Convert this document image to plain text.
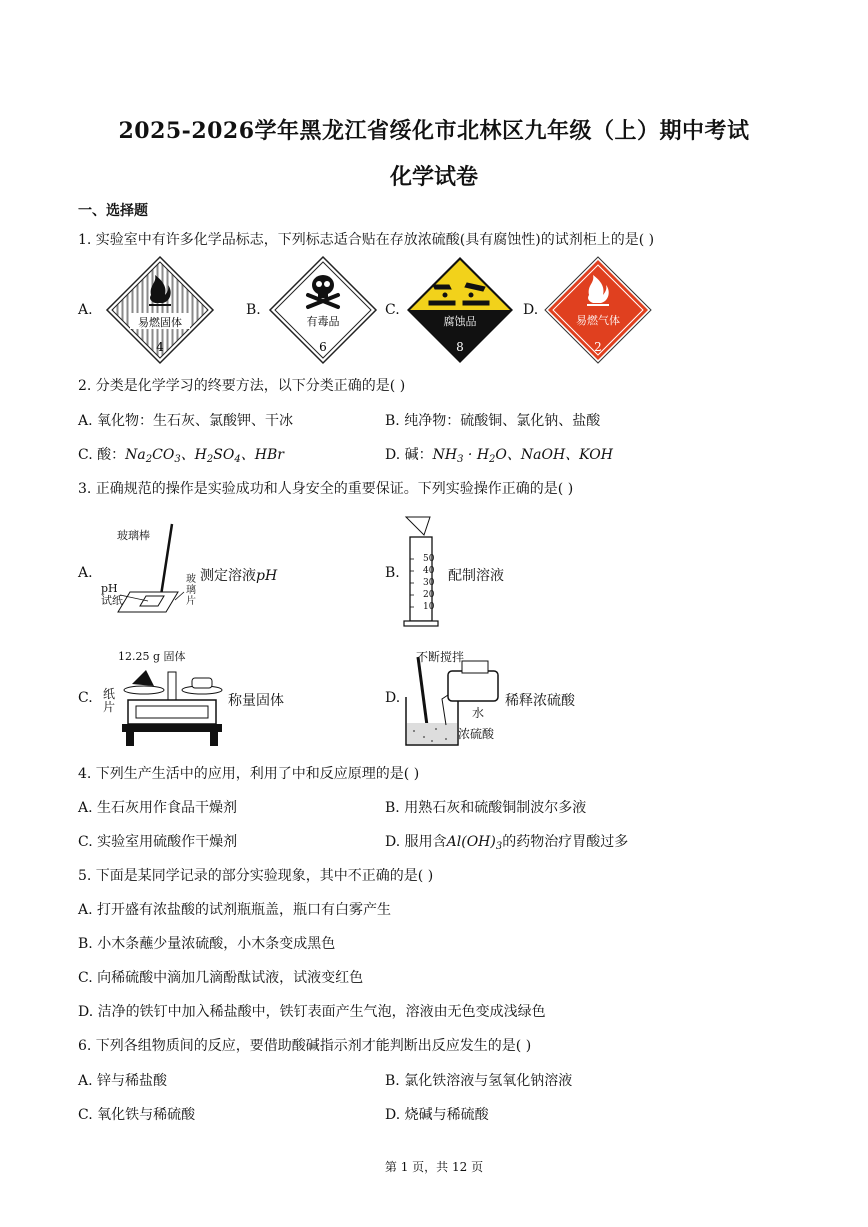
2025-2026学年黑龙江省绥化市北林区九年级（上）期中考试
化学试卷
一、选择题
1. 实验室中有许多化学品标志，下列标志适合贴在存放浓硫酸(具有腐蚀性)的试剂柜上的是( )
A.
易燃固体
4
B.
有毒品
6
C.
腐蚀品
8
D.
易燃气体
2
2. 分类是化学学习的终要方法，以下分类正确的是( )
A. 氧化物：生石灰、氯酸钾、干冰	B. 纯净物：硫酸铜、氯化钠、盐酸
C. 酸：$Na_2CO_3$、$H_2SO_4$、HBr	D. 碱：$NH_3 \cdot H_2O$、NaOH、KOH
3. 正确规范的操作是实验成功和人身安全的重要保证。下列实验操作正确的是( )
A.
玻璃棒
pH
试纸
玻
璃
片
测定溶液pH	B.
50
40
30
20
10
配制溶液
C.
12.25 g 固体
纸
片	称量固体	D.
不断搅拌
水
浓硫酸
稀释浓硫酸
4. 下列生产生活中的应用，利用了中和反应原理的是( )
A. 生石灰用作食品干燥剂	B. 用熟石灰和硫酸铜制波尔多液
C. 实验室用硫酸作干燥剂	D. 服用含$Al(OH)_3$的药物治疗胃酸过多
5. 下面是某同学记录的部分实验现象，其中不正确的是( )
A. 打开盛有浓盐酸的试剂瓶瓶盖，瓶口有白雾产生
B. 小木条蘸少量浓硫酸，小木条变成黑色
C. 向稀硫酸中滴加几滴酚酞试液，试液变红色
D. 洁净的铁钉中加入稀盐酸中，铁钉表面产生气泡，溶液由无色变成浅绿色
6. 下列各组物质间的反应，要借助酸碱指示剂才能判断出反应发生的是( )
A. 锌与稀盐酸	B. 氯化铁溶液与氢氧化钠溶液
C. 氧化铁与稀硫酸	D. 烧碱与稀硫酸
第 1 页，共 12 页
